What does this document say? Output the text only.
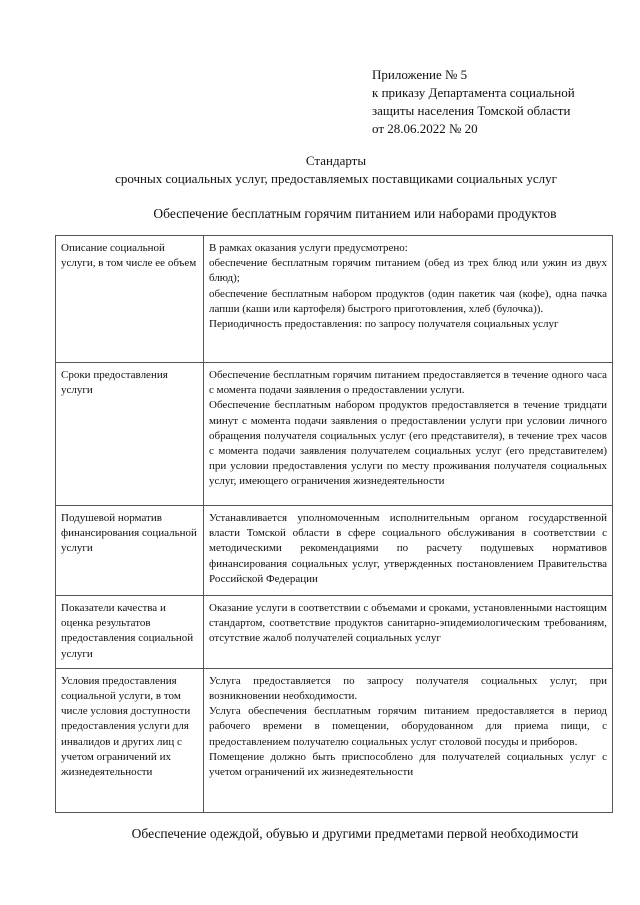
Приложение № 5
к приказу Департамента социальной
защиты населения Томской области
от 28.06.2022 № 20
Стандарты
срочных социальных услуг, предоставляемых поставщиками социальных услуг
Обеспечение бесплатным горячим питанием или наборами продуктов
Описание социальной услуги, в том числе ее объем	В рамках оказания услуги предусмотрено:

обеспечение бесплатным горячим питанием (обед из трех блюд или ужин из двух блюд);

обеспечение бесплатным набором продуктов (один пакетик чая (кофе), одна пачка лапши (каши или картофеля) быстрого приготовления, хлеб (булочка)).

Периодичность предоставления: по запросу получателя социальных услуг

Сроки предоставления услуги	Обеспечение бесплатным горячим питанием предоставляется в течение одного часа с момента подачи заявления о предоставлении услуги.

Обеспечение бесплатным набором продуктов предоставляется в течение тридцати минут с момента подачи заявления о предоставлении услуги при условии личного обращения получателя социальных услуг (его представителя), в течение трех часов с момента подачи заявления получателем социальных услуг (его представителем) при условии предоставления услуги по месту проживания получателя социальных услуг, имеющего ограничения жизнедеятельности

Подушевой норматив финансирования социальной услуги	Устанавливается уполномоченным исполнительным органом государственной власти Томской области в сфере социального обслуживания в соответствии с методическими рекомендациями по расчету подушевых нормативов финансирования социальных услуг, утвержденных постановлением Правительства Российской Федерации

Показатели качества и оценка результатов предоставления социальной услуги	Оказание услуги в соответствии с объемами и сроками, установленными настоящим стандартом, соответствие продуктов санитарно-эпидемиологическим требованиям, отсутствие жалоб получателей социальных услуг

Условия предоставления социальной услуги, в том числе условия доступности предоставления услуги для инвалидов и других лиц с учетом ограничений их жизнедеятельности	Услуга предоставляется по запросу получателя социальных услуг, при возникновении необходимости.

Услуга обеспечения бесплатным горячим питанием предоставляется в период рабочего времени в помещении, оборудованном для приема пищи, с предоставлением получателю социальных услуг столовой посуды и приборов.

Помещение должно быть приспособлено для получателей социальных услуг с учетом ограничений их жизнедеятельности

Обеспечение одеждой, обувью и другими предметами первой необходимости
